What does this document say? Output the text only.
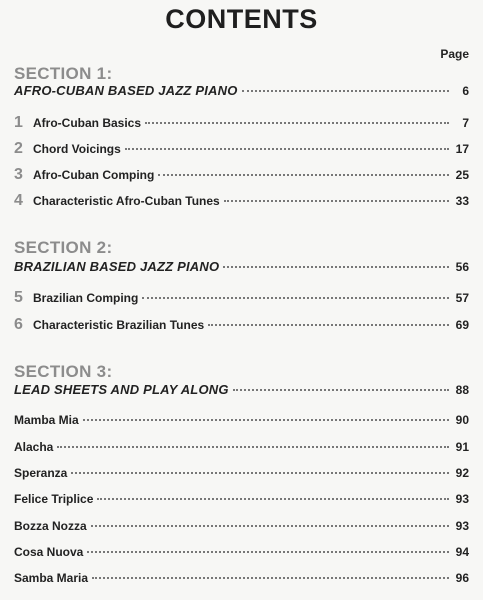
CONTENTS
Page
SECTION 1:
AFRO-CUBAN BASED JAZZ PIANO	6
1 Afro-Cuban Basics	7
2 Chord Voicings	17
3 Afro-Cuban Comping	25
4 Characteristic Afro-Cuban Tunes	33
SECTION 2:
BRAZILIAN BASED JAZZ PIANO	56
5 Brazilian Comping	57
6 Characteristic Brazilian Tunes	69
SECTION 3:
LEAD SHEETS AND PLAY ALONG	88
Mamba Mia	90
Alacha	91
Speranza	92
Felice Triplice	93
Bozza Nozza	93
Cosa Nuova	94
Samba Maria	96
